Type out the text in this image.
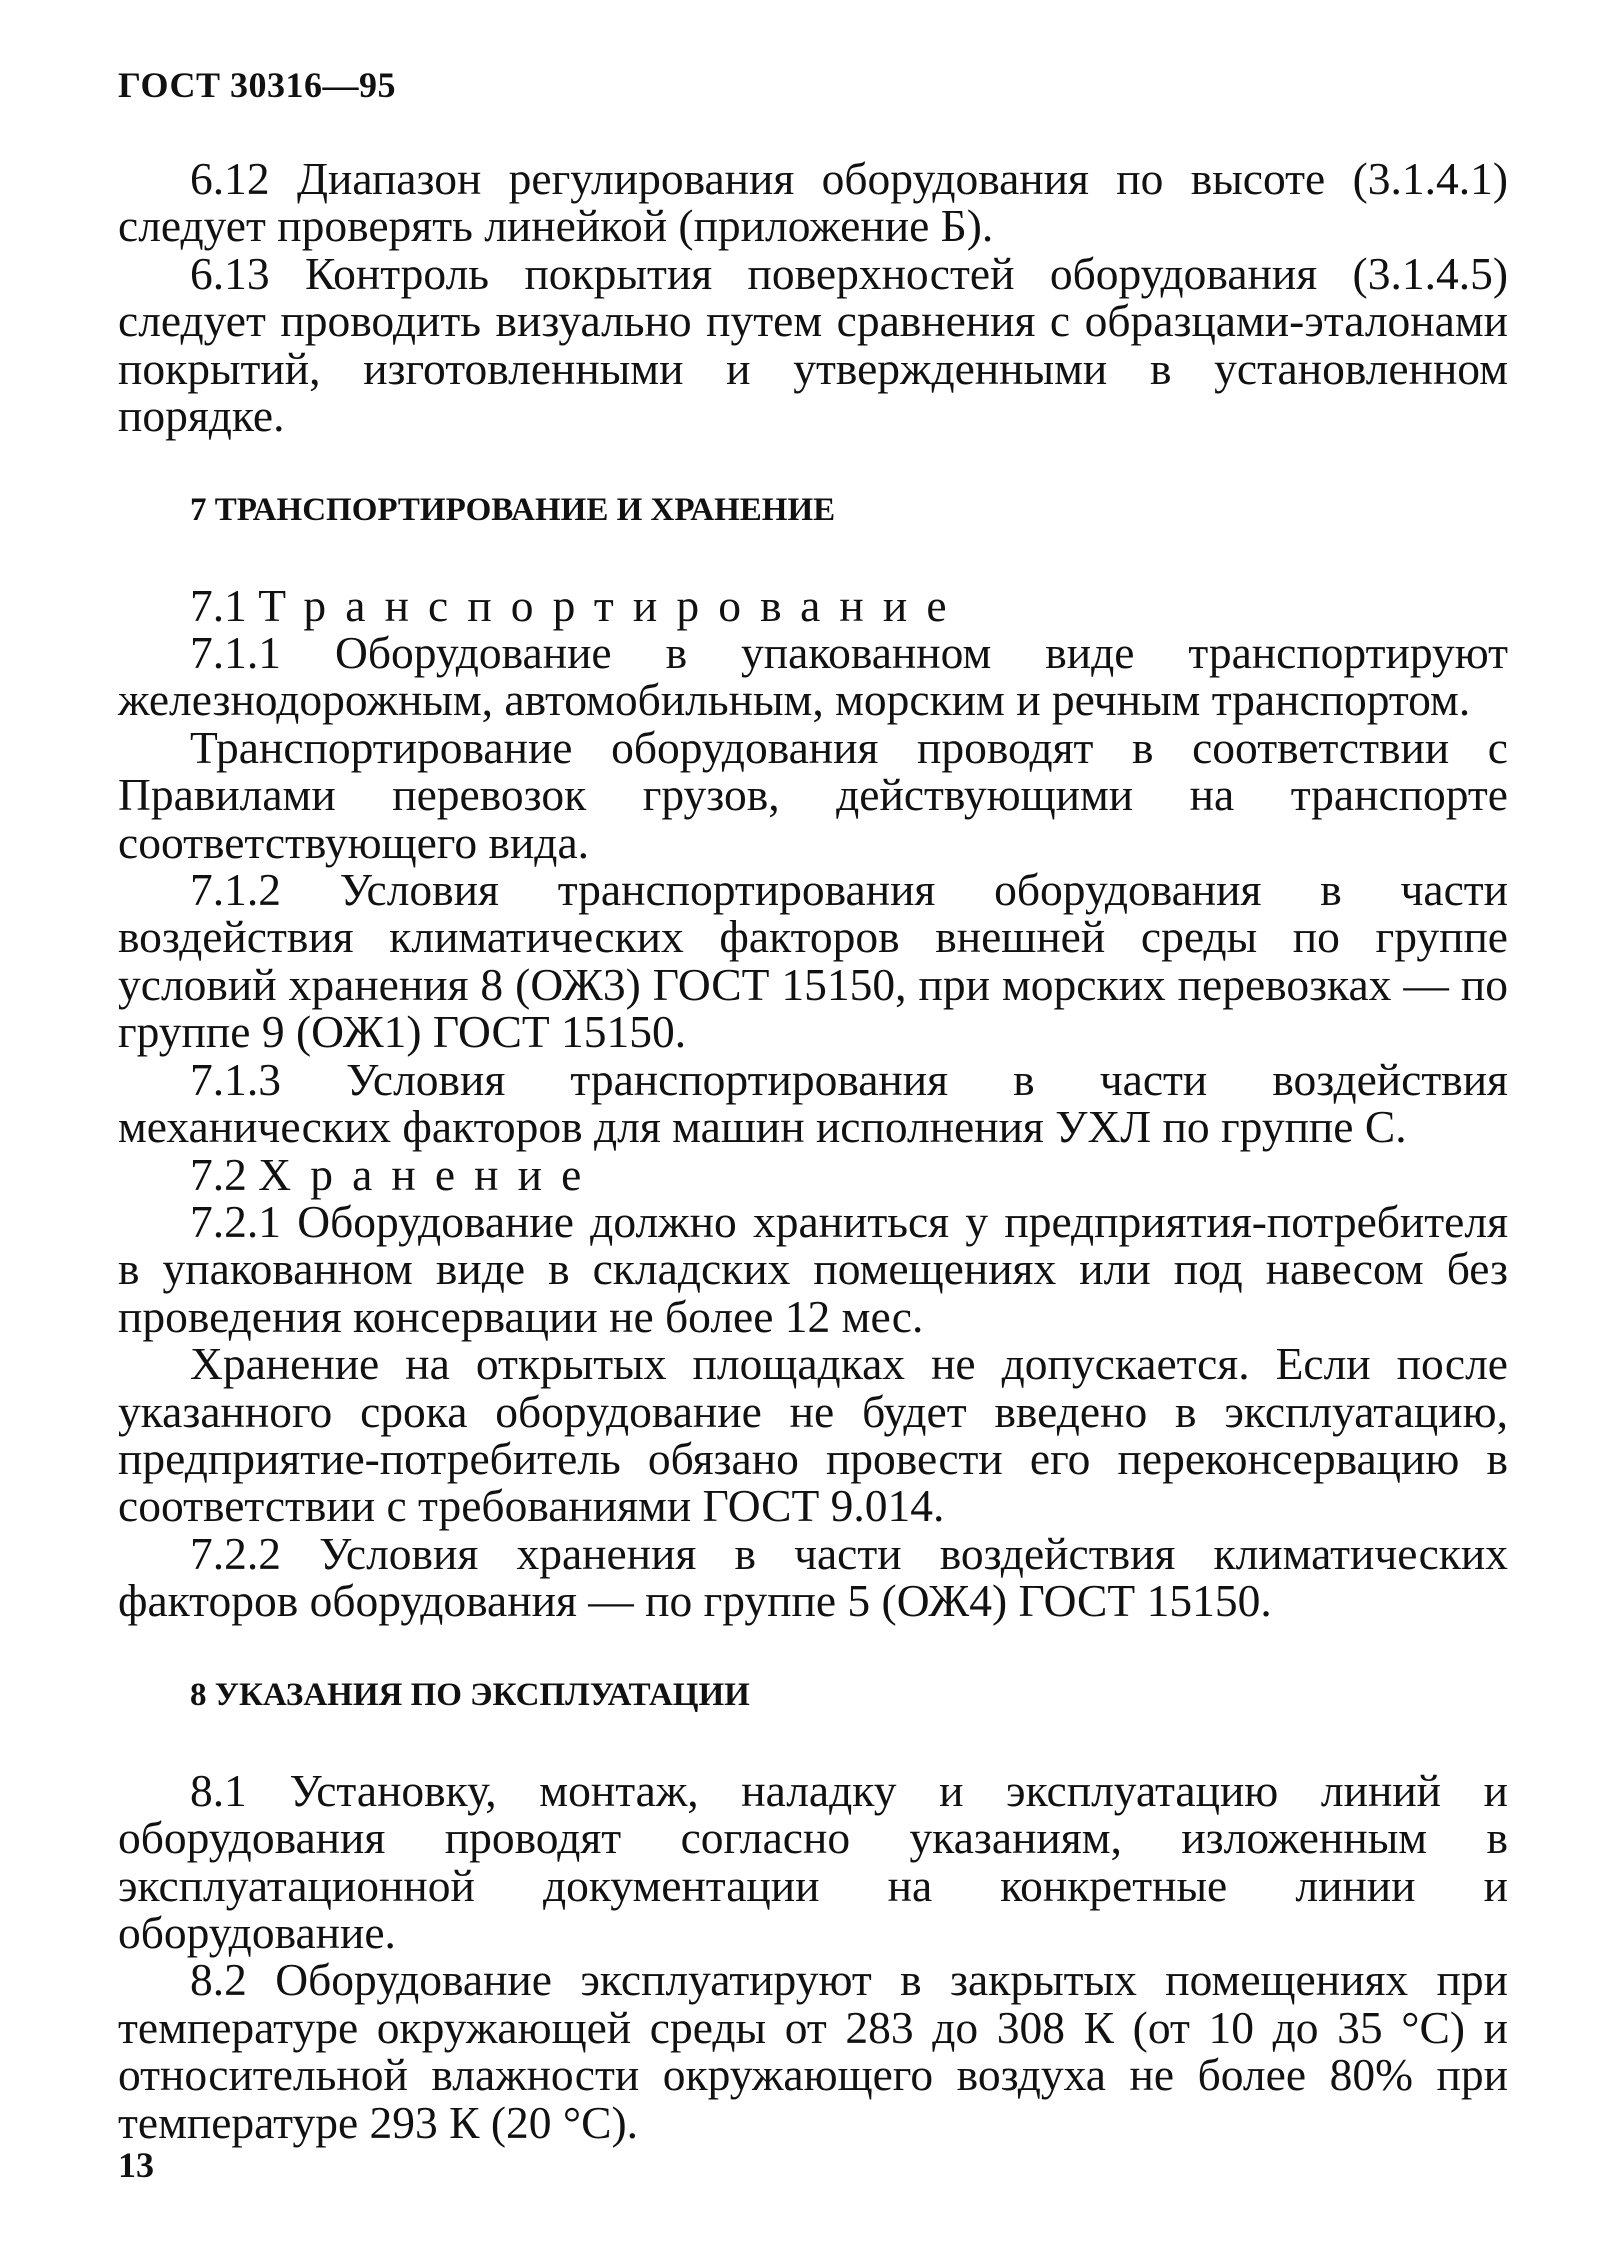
ГОСТ 30316—95

6.12 Диапазон регулирования оборудования по высоте (3.1.4.1) следует проверять линейкой (приложение Б).

6.13 Контроль покрытия поверхностей оборудования (3.1.4.5) следует проводить визуально путем сравнения с образцами-эталонами покрытий, изготовленными и утвержденными в установленном порядке.

7 ТРАНСПОРТИРОВАНИЕ И ХРАНЕНИЕ

7.1 Транспортирование

7.1.1 Оборудование в упакованном виде транспортируют железнодорожным, автомобильным, морским и речным транспортом.

Транспортирование оборудования проводят в соответствии с Правилами перевозок грузов, действующими на транспорте соответствующего вида.

7.1.2 Условия транспортирования оборудования в части воздействия климатических факторов внешней среды по группе условий хранения 8 (ОЖ3) ГОСТ 15150, при морских перевозках — по группе 9 (ОЖ1) ГОСТ 15150.

7.1.3 Условия транспортирования в части воздействия механических факторов для машин исполнения УХЛ по группе С.

7.2 Хранение

7.2.1 Оборудование должно храниться у предприятия-потребителя в упакованном виде в складских помещениях или под навесом без проведения консервации не более 12 мес.

Хранение на открытых площадках не допускается. Если после указанного срока оборудование не будет введено в эксплуатацию, предприятие-потребитель обязано провести его переконсервацию в соответствии с требованиями ГОСТ 9.014.

7.2.2 Условия хранения в части воздействия климатических факторов оборудования — по группе 5 (ОЖ4) ГОСТ 15150.

8 УКАЗАНИЯ ПО ЭКСПЛУАТАЦИИ

8.1 Установку, монтаж, наладку и эксплуатацию линий и оборудования проводят согласно указаниям, изложенным в эксплуатационной документации на конкретные линии и оборудование.

8.2 Оборудование эксплуатируют в закрытых помещениях при температуре окружающей среды от 283 до 308 К (от 10 до 35 °С) и относительной влажности окружающего воздуха не более 80% при температуре 293 К (20 °С).

13
